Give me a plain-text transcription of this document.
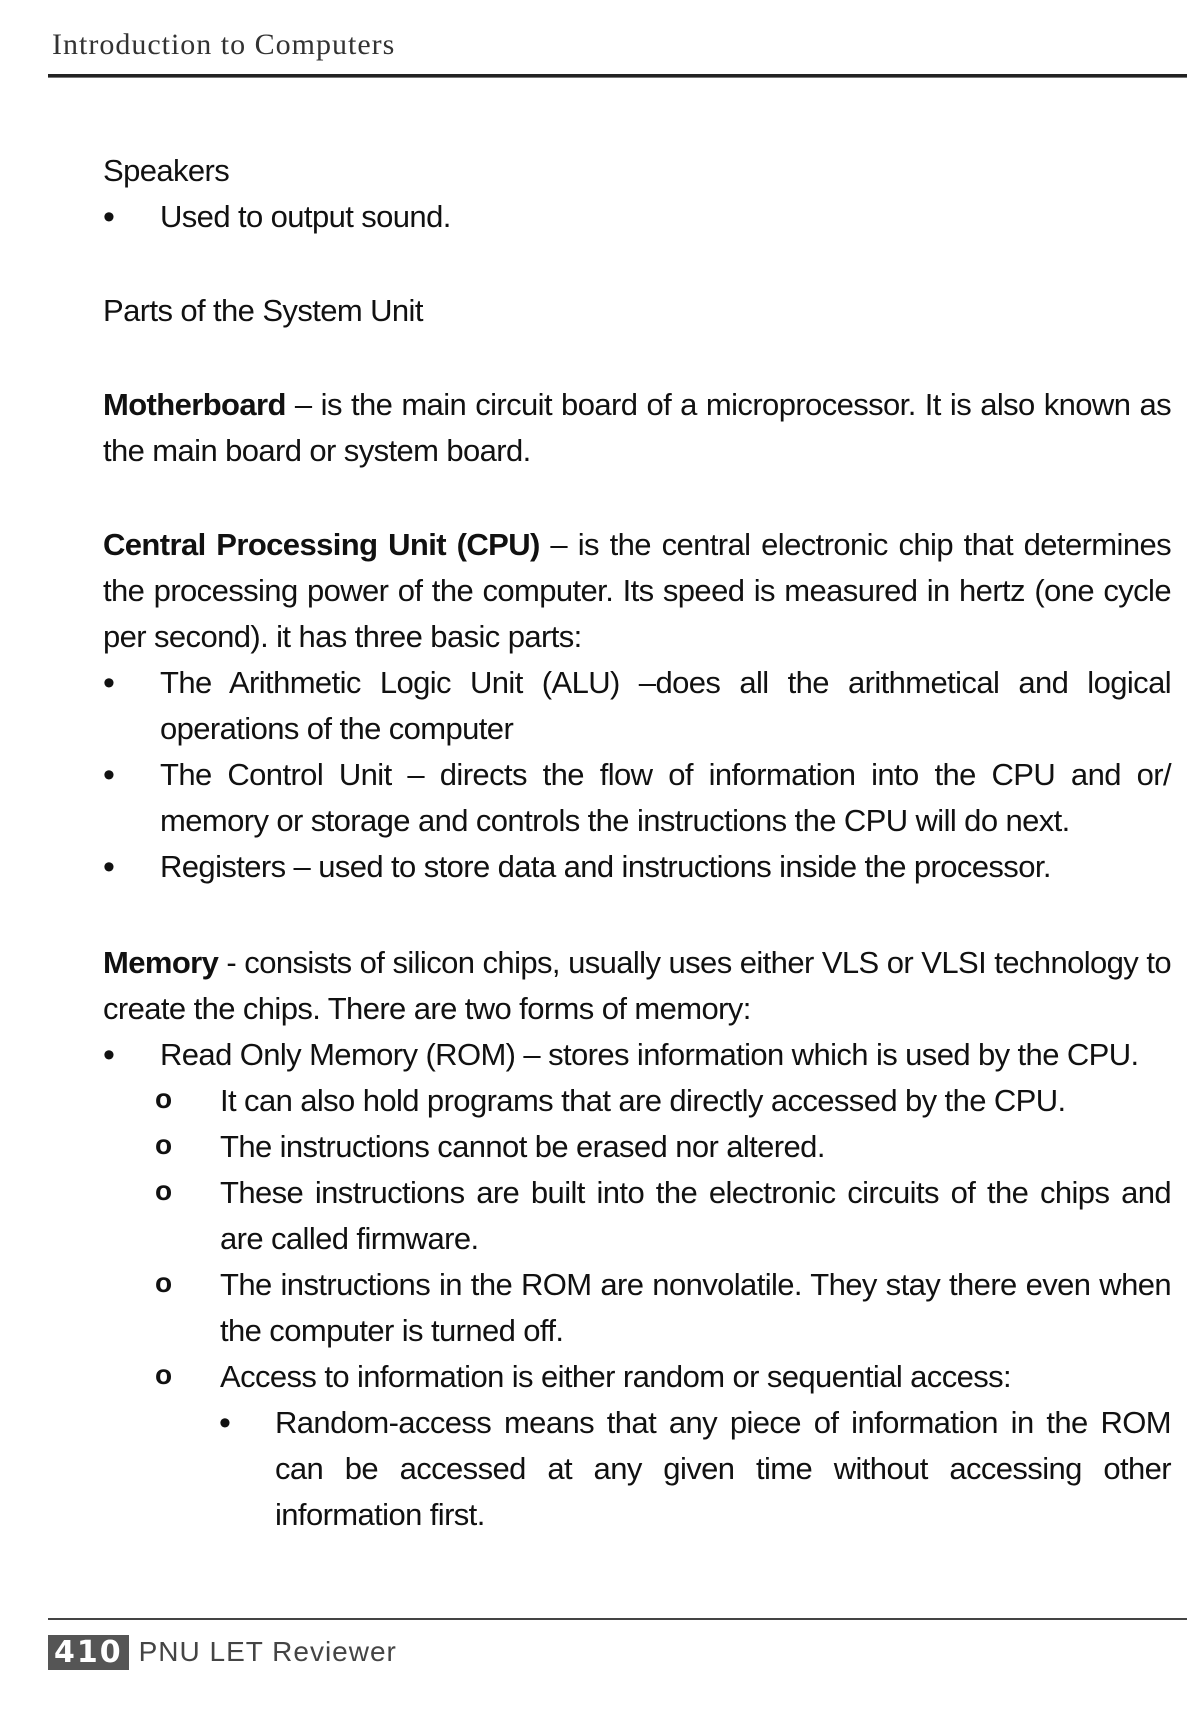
Introduction to Computers

Speakers

• Used to output sound.

Parts of the System Unit

Motherboard – is the main circuit board of a microprocessor. It is also known as the main board or system board.

Central Processing Unit (CPU) – is the central electronic chip that determines the processing power of the computer. Its speed is measured in hertz (one cycle per second). it has three basic parts:

• The Arithmetic Logic Unit (ALU) –does all the arithmetical and logical operations of the computer
• The Control Unit – directs the flow of information into the CPU and or/ memory or storage and controls the instructions the CPU will do next.
• Registers – used to store data and instructions inside the processor.

Memory - consists of silicon chips, usually uses either VLS or VLSI technology to create the chips. There are two forms of memory:

• Read Only Memory (ROM) – stores information which is used by the CPU.
o It can also hold programs that are directly accessed by the CPU.
o The instructions cannot be erased nor altered.
o These instructions are built into the electronic circuits of the chips and are called firmware.
o The instructions in the ROM are nonvolatile. They stay there even when the computer is turned off.
o Access to information is either random or sequential access:
• Random-access means that any piece of information in the ROM can be accessed at any given time without accessing other information first.
410 PNU LET Reviewer
